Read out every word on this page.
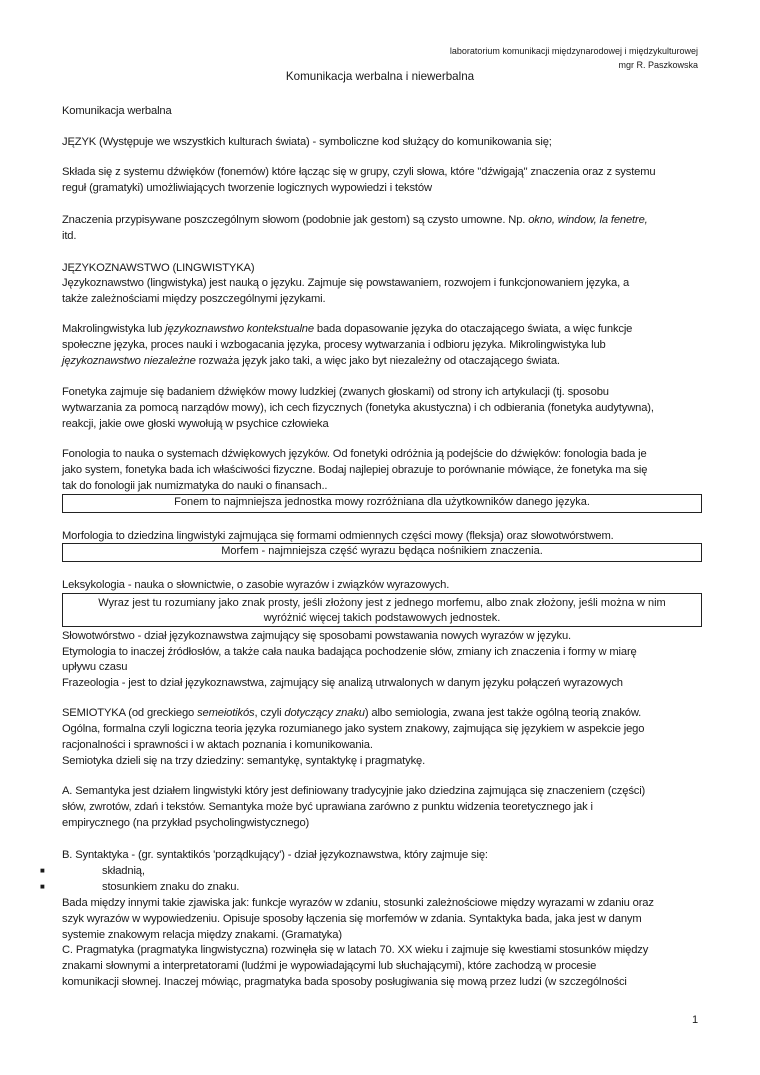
laboratorium komunikacji międzynarodowej i międzykulturowej
mgr R. Paszkowska
Komunikacja werbalna i niewerbalna
Komunikacja werbalna
JĘZYK (Występuje we wszystkich kulturach świata) - symboliczne kod służący do komunikowania się;
Składa się z systemu dźwięków (fonemów) które łącząc się w grupy, czyli słowa, które "dźwigają" znaczenia oraz z systemu
reguł (gramatyki) umożliwiających tworzenie logicznych wypowiedzi i tekstów
Znaczenia przypisywane poszczególnym słowom (podobnie jak gestom) są czysto umowne. Np. okno, window, la fenetre,
itd.
JĘZYKOZNAWSTWO (LINGWISTYKA)
Językoznawstwo (lingwistyka) jest nauką o języku. Zajmuje się powstawaniem, rozwojem i funkcjonowaniem języka, a
także zależnościami między poszczególnymi językami.
Makrolingwistyka lub językoznawstwo kontekstualne bada dopasowanie języka do otaczającego świata, a więc funkcje
społeczne języka, proces nauki i wzbogacania języka, procesy wytwarzania i odbioru języka. Mikrolingwistyka lub
językoznawstwo niezależne rozważa język jako taki, a więc jako byt niezależny od otaczającego świata.
Fonetyka zajmuje się badaniem dźwięków mowy ludzkiej (zwanych głoskami) od strony ich artykulacji (tj. sposobu
wytwarzania za pomocą narządów mowy), ich cech fizycznych (fonetyka akustyczna) i ch odbierania (fonetyka audytywna),
reakcji, jakie owe głoski wywołują w psychice człowieka
Fonologia to nauka o systemach dźwiękowych języków. Od fonetyki odróżnia ją podejście do dźwięków: fonologia bada je
jako system, fonetyka bada ich właściwości fizyczne. Bodaj najlepiej obrazuje to porównanie mówiące, że fonetyka ma się
tak do fonologii jak numizmatyka do nauki o finansach..
Fonem to najmniejsza jednostka mowy rozróżniana dla użytkowników danego języka.
Morfologia to dziedzina lingwistyki zajmująca się formami odmiennych części mowy (fleksja) oraz słowotwórstwem.
Morfem - najmniejsza część wyrazu będąca nośnikiem znaczenia.
Leksykologia - nauka o słownictwie, o zasobie wyrazów i związków wyrazowych.
Wyraz jest tu rozumiany jako znak prosty, jeśli złożony jest z jednego morfemu, albo znak złożony, jeśli można w nim
wyróżnić więcej takich podstawowych jednostek.
Słowotwórstwo - dział językoznawstwa zajmujący się sposobami powstawania nowych wyrazów w języku.
Etymologia to inaczej źródłosłów, a także cała nauka badająca pochodzenie słów, zmiany ich znaczenia i formy w miarę
upływu czasu
Frazeologia - jest to dział językoznawstwa, zajmujący się analizą utrwalonych w danym języku połączeń wyrazowych
SEMIOTYKA (od greckiego semeiotikós, czyli dotyczący znaku) albo semiologia, zwana jest także ogólną teorią znaków.
Ogólna, formalna czyli logiczna teoria języka rozumianego jako system znakowy, zajmująca się językiem w aspekcie jego
racjonalności i sprawności i w aktach poznania i komunikowania.
Semiotyka dzieli się na trzy dziedziny: semantykę, syntaktykę i pragmatykę.
A. Semantyka jest działem lingwistyki który jest definiowany tradycyjnie jako dziedzina zajmująca się znaczeniem (części)
słów, zwrotów, zdań i tekstów. Semantyka może być uprawiana zarówno z punktu widzenia teoretycznego jak i
empirycznego (na przykład psycholingwistycznego)
B. Syntaktyka - (gr. syntaktikós 'porządkujący') - dział językoznawstwa, który zajmuje się:
■	składnią,
■	stosunkiem znaku do znaku.
Bada między innymi takie zjawiska jak: funkcje wyrazów w zdaniu, stosunki zależnościowe między wyrazami w zdaniu oraz
szyk wyrazów w wypowiedzeniu. Opisuje sposoby łączenia się morfemów w zdania. Syntaktyka bada, jaka jest w danym
systemie znakowym relacja między znakami. (Gramatyka)
C. Pragmatyka (pragmatyka lingwistyczna) rozwinęła się w latach 70. XX wieku i zajmuje się kwestiami stosunków między
znakami słownymi a interpretatorami (ludźmi je wypowiadającymi lub słuchającymi), które zachodzą w procesie
komunikacji słownej. Inaczej mówiąc, pragmatyka bada sposoby posługiwania się mową przez ludzi (w szczególności
1
